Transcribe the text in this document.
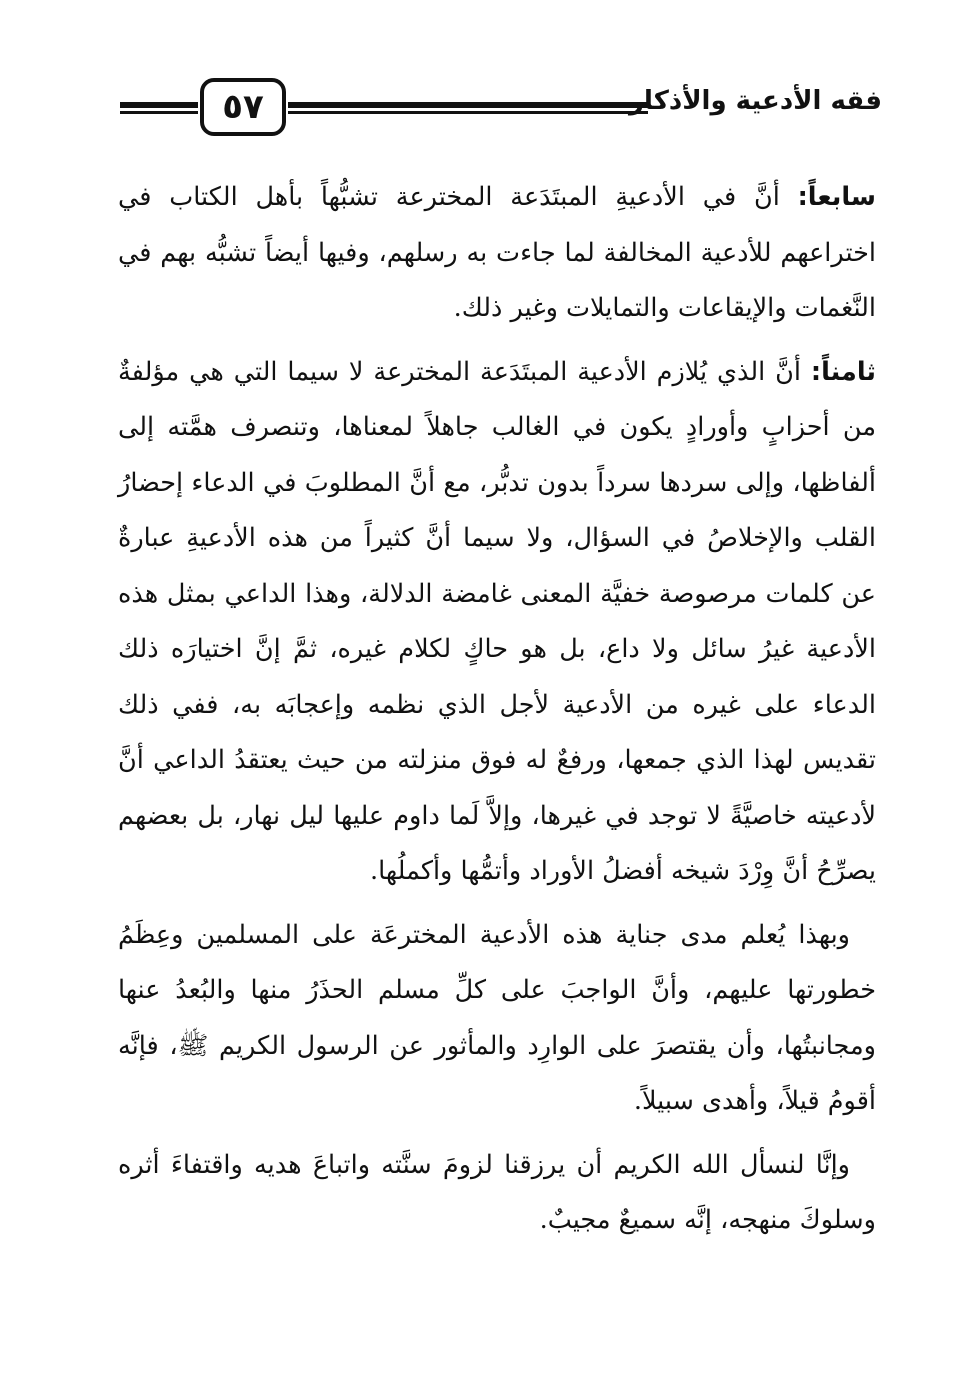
٥٧	فقه الأدعية والأذكار

سابعاً: أنَّ في الأدعيةِ المبتَدَعة المخترعة تشبُّهاً بأهل الكتاب في اختراعهم للأدعية المخالفة لما جاءت به رسلهم، وفيها أيضاً تشبُّه بهم في النَّغمات والإيقاعات والتمايلات وغير ذلك.

ثامناً: أنَّ الذي يُلازم الأدعية المبتَدَعة المخترعة لا سيما التي هي مؤلفةٌ من أحزابٍ وأورادٍ يكون في الغالب جاهلاً لمعناها، وتنصرف همَّته إلى ألفاظها، وإلى سردها سرداً بدون تدبُّر، مع أنَّ المطلوبَ في الدعاء إحضارُ القلب والإخلاصُ في السؤال، ولا سيما أنَّ كثيراً من هذه الأدعيةِ عبارةٌ عن كلمات مرصوصة خفيَّة المعنى غامضة الدلالة، وهذا الداعي بمثل هذه الأدعية غيرُ سائل ولا داع، بل هو حاكٍ لكلام غيره، ثمَّ إنَّ اختيارَه ذلك الدعاء على غيره من الأدعية لأجل الذي نظمه وإعجابَه به، ففي ذلك تقديس لهذا الذي جمعها، ورفعٌ له فوق منزلته من حيث يعتقدُ الداعي أنَّ لأدعيته خاصيَّةً لا توجد في غيرها، وإلاَّ لَما داوم عليها ليل نهار، بل بعضهم يصرِّحُ أنَّ وِرْدَ شيخه أفضلُ الأوراد وأتمُّها وأكملُها.

وبهذا يُعلم مدى جناية هذه الأدعية المخترعَة على المسلمين وعِظَمُ خطورتها عليهم، وأنَّ الواجبَ على كلِّ مسلم الحذَرُ منها والبُعدُ عنها ومجانبتُها، وأن يقتصرَ على الوارِد والمأثور عن الرسول الكريم ﷺ، فإنَّه أقومُ قيلاً، وأهدى سبيلاً.

وإنَّا لنسأل الله الكريم أن يرزقنا لزومَ سنَّته واتباعَ هديه واقتفاءَ أثره وسلوكَ منهجه، إنَّه سميعٌ مجيبٌ.
